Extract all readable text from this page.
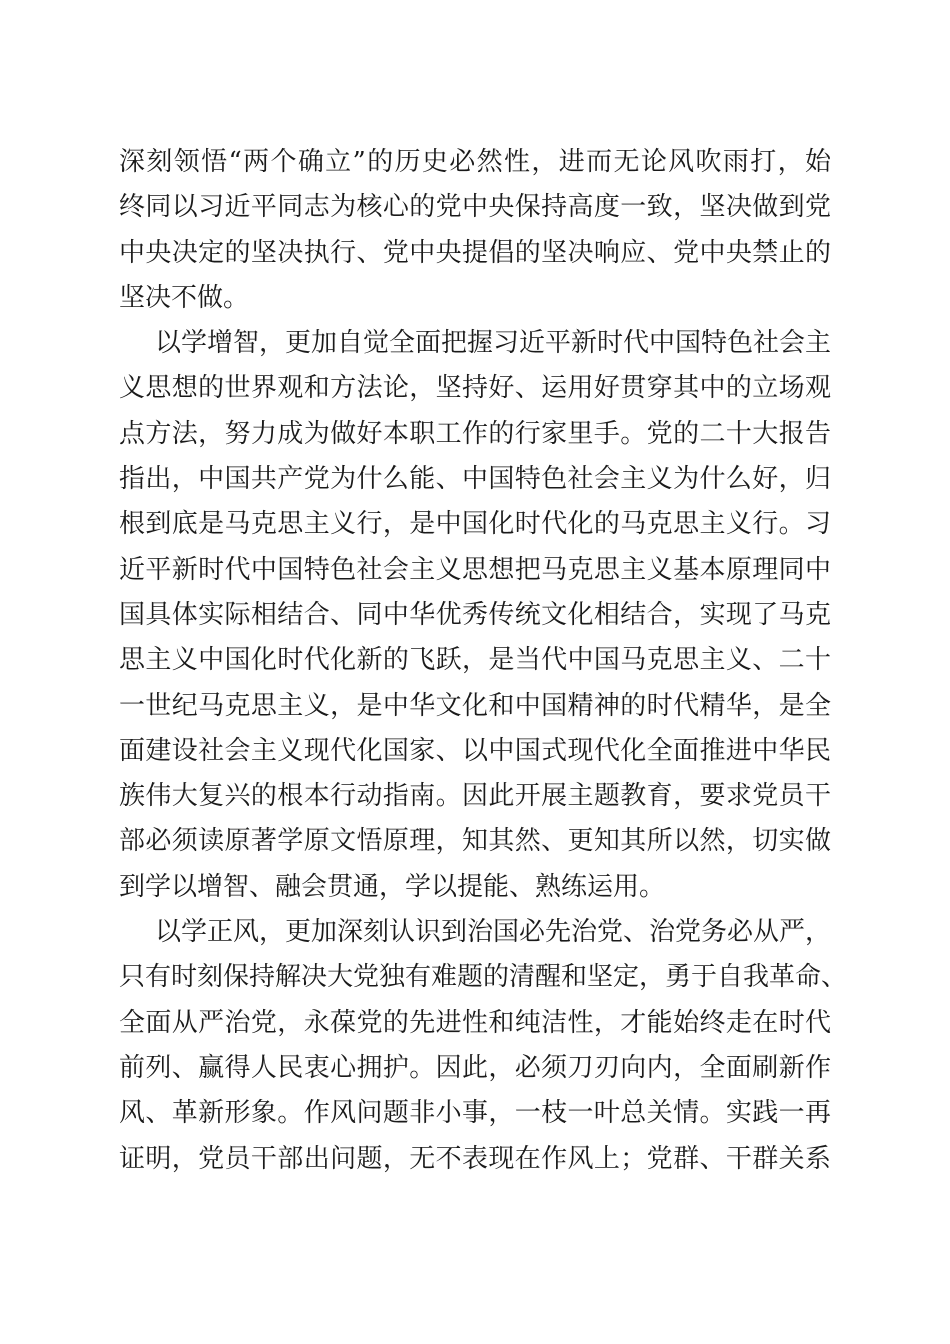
深刻领悟“两个确立”的历史必然性，进而无论风吹雨打，始
终同以习近平同志为核心的党中央保持高度一致，坚决做到党
中央决定的坚决执行、党中央提倡的坚决响应、党中央禁止的
坚决不做。
以学增智，更加自觉全面把握习近平新时代中国特色社会主
义思想的世界观和方法论，坚持好、运用好贯穿其中的立场观
点方法，努力成为做好本职工作的行家里手。党的二十大报告
指出，中国共产党为什么能、中国特色社会主义为什么好，归
根到底是马克思主义行，是中国化时代化的马克思主义行。习
近平新时代中国特色社会主义思想把马克思主义基本原理同中
国具体实际相结合、同中华优秀传统文化相结合，实现了马克
思主义中国化时代化新的飞跃，是当代中国马克思主义、二十
一世纪马克思主义，是中华文化和中国精神的时代精华，是全
面建设社会主义现代化国家、以中国式现代化全面推进中华民
族伟大复兴的根本行动指南。因此开展主题教育，要求党员干
部必须读原著学原文悟原理，知其然、更知其所以然，切实做
到学以增智、融会贯通，学以提能、熟练运用。
以学正风，更加深刻认识到治国必先治党、治党务必从严，
只有时刻保持解决大党独有难题的清醒和坚定，勇于自我革命、
全面从严治党，永葆党的先进性和纯洁性，才能始终走在时代
前列、赢得人民衷心拥护。因此，必须刀刃向内，全面刷新作
风、革新形象。作风问题非小事，一枝一叶总关情。实践一再
证明，党员干部出问题，无不表现在作风上；党群、干群关系
